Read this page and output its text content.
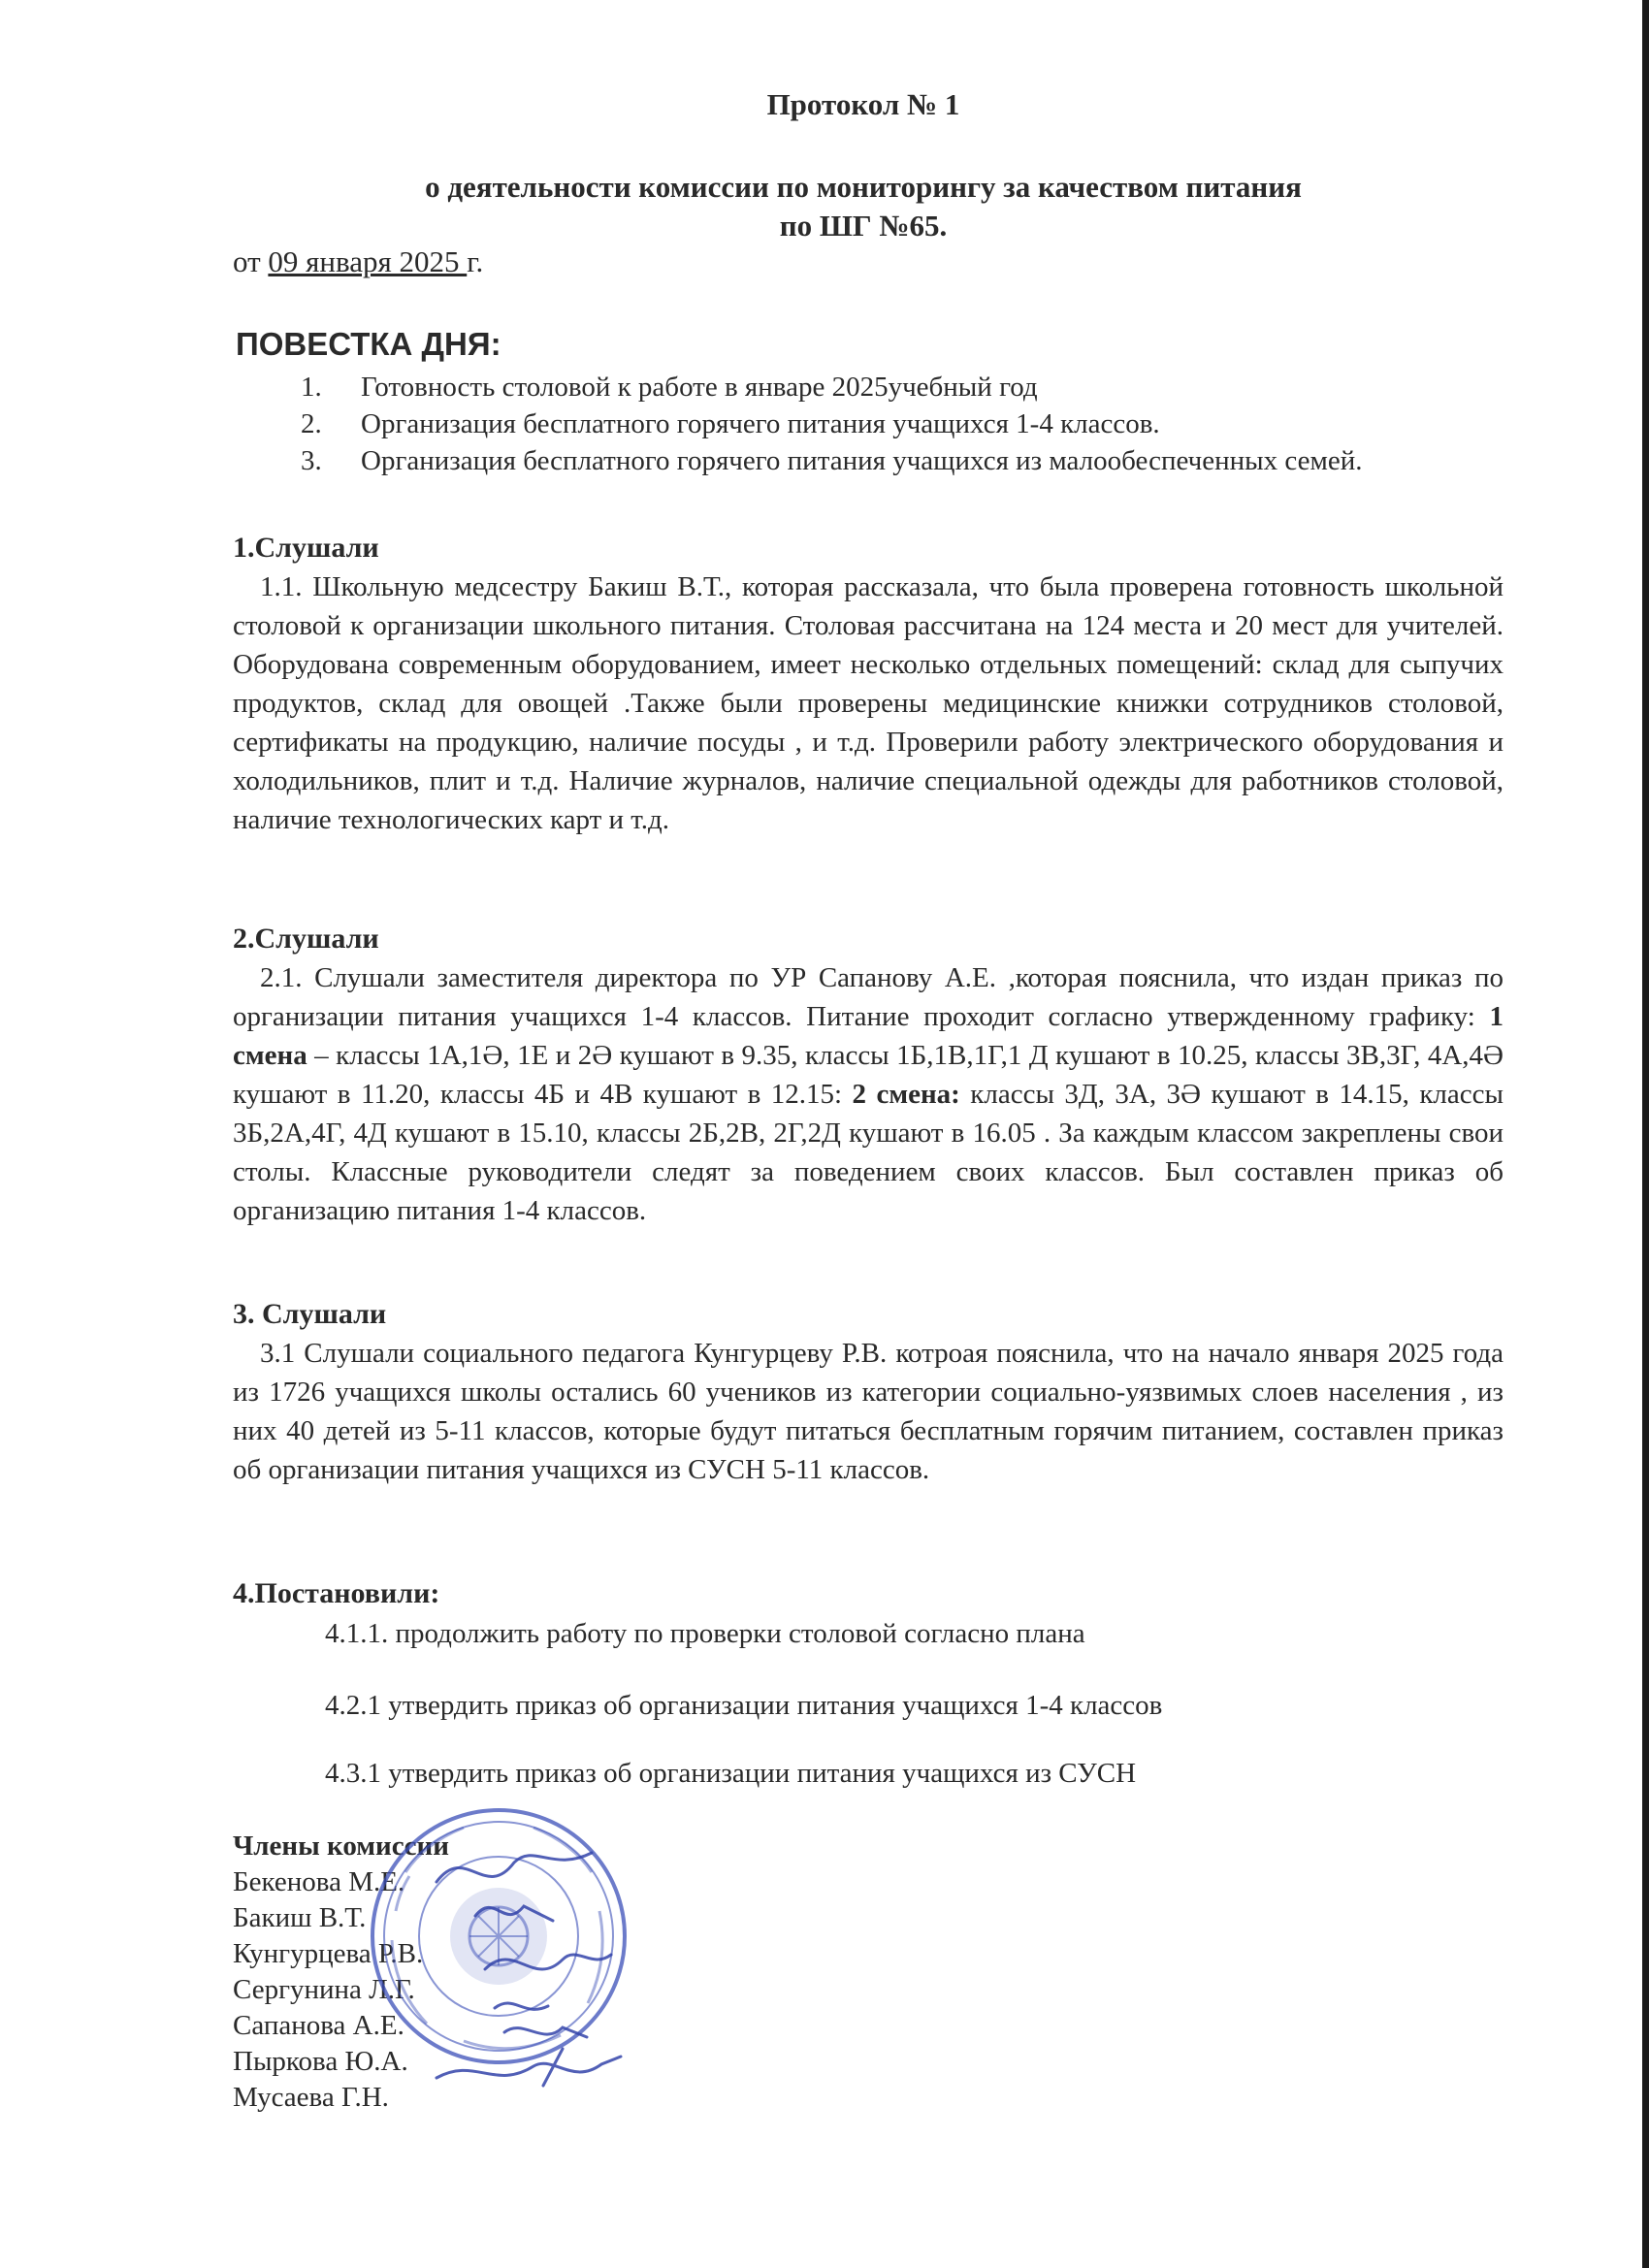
Протокол № 1
о деятельности комиссии по мониторингу за качеством питания
по ШГ №65.
от 09 января 2025 г.
ПОВЕСТКА ДНЯ:
1. Готовность столовой к работе в январе 2025учебный год
2. Организация бесплатного горячего питания учащихся 1-4 классов.
3. Организация бесплатного горячего питания учащихся из малообеспеченных семей.
1.Слушали

1.1. Школьную медсестру Бакиш В.Т., которая рассказала, что была проверена готовность школьной столовой к организации школьного питания. Столовая рассчитана на 124 места и 20 мест для учителей. Оборудована современным оборудованием, имеет несколько отдельных помещений: склад для сыпучих продуктов, склад для овощей .Также были проверены медицинские книжки сотрудников столовой, сертификаты на продукцию, наличие посуды , и т.д. Проверили работу электрического оборудования и холодильников, плит и т.д. Наличие журналов, наличие специальной одежды для работников столовой, наличие технологических карт и т.д.

2.Слушали

2.1. Слушали заместителя директора по УР Сапанову А.Е. ,которая пояснила, что издан приказ по организации питания учащихся 1-4 классов. Питание проходит согласно утвержденному графику: 1 смена – классы 1А,1Ә, 1Е и 2Ә кушают в 9.35, классы 1Б,1В,1Г,1 Д кушают в 10.25, классы 3В,3Г, 4А,4Ә кушают в 11.20, классы 4Б и 4В кушают в 12.15: 2 смена: классы 3Д, 3А, 3Ә кушают в 14.15, классы 3Б,2А,4Г, 4Д кушают в 15.10, классы 2Б,2В, 2Г,2Д кушают в 16.05 . За каждым классом закреплены свои столы. Классные руководители следят за поведением своих классов. Был составлен приказ об организацию питания 1-4 классов.

3. Слушали

3.1 Слушали социального педагога Кунгурцеву Р.В. котроая пояснила, что на начало января 2025 года из 1726 учащихся школы остались 60 учеников из категории социально-уязвимых слоев населения , из них 40 детей из 5-11 классов, которые будут питаться бесплатным горячим питанием, составлен приказ об организации питания учащихся из СУСН 5-11 классов.

4.Постановили:
4.1.1. продолжить работу по проверки столовой согласно плана
4.2.1 утвердить приказ об организации питания учащихся 1-4 классов
4.3.1 утвердить приказ об организации питания учащихся из СУСН
Члены комиссии
Бекенова М.Е.
Бакиш В.Т.
Кунгурцева Р.В.
Сергунина Л.Г.
Сапанова А.Е.
Пыркова Ю.А.
Мусаева Г.Н.
